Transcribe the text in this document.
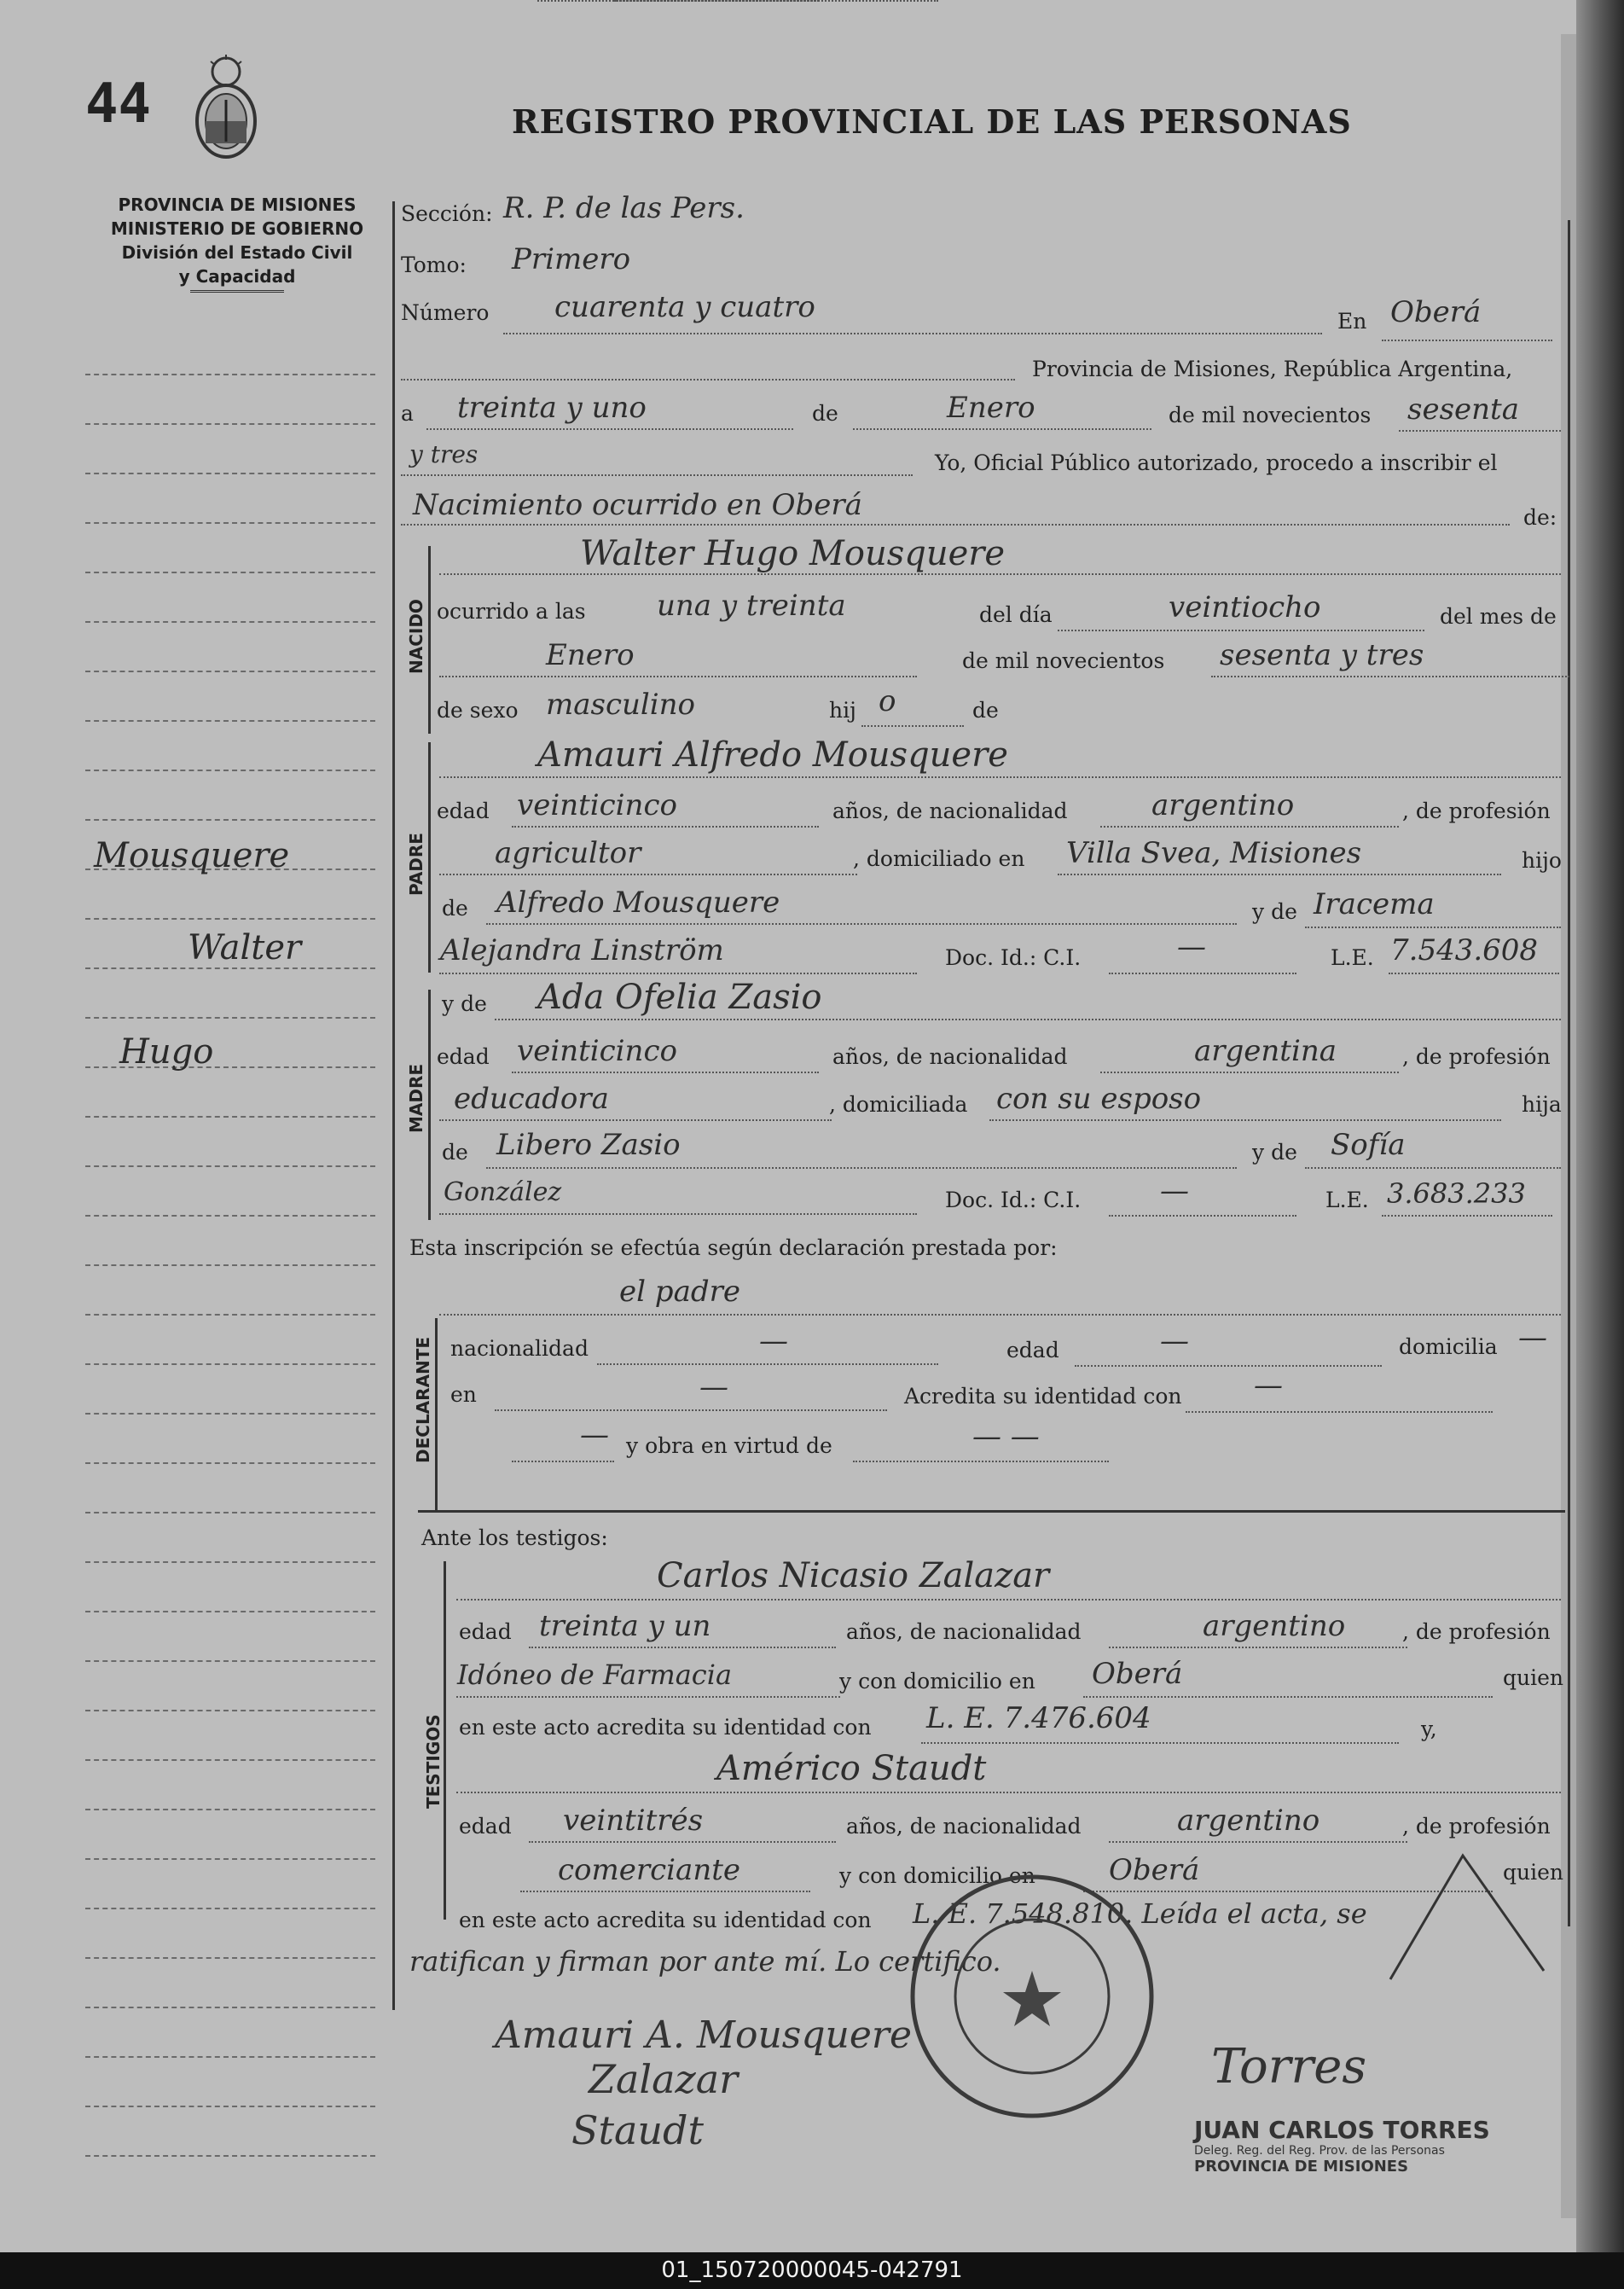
44	REGISTRO PROVINCIAL DE LAS PERSONAS
PROVINCIA DE MISIONES
MINISTERIO DE GOBIERNO
División del Estado Civil
y Capacidad
Mousquere
Walter
Hugo
NACIDO
PADRE
MADRE
DECLARANTE
TESTIGOS
Sección: R. P. de las Pers.
Tomo: Primero
Número cuarenta y cuatro	En Oberá
Provincia de Misiones, República Argentina,
a treinta y uno	de	Enero	de mil novecientos sesenta
y tres	Yo, Oficial Público autorizado, procedo a inscribir el
Nacimiento ocurrido en Oberá	de:
Walter Hugo Mousquere
ocurrido a las una y treinta	del día	veintiocho	del mes de
Enero	de mil novecientos sesenta y tres
de sexo masculino	hij o	de
Amauri Alfredo Mousquere
edad veinticinco	años, de nacionalidad	argentino	, de profesión
agricultor	, domiciliado en Villa Svea, Misiones	hijo
de Alfredo Mousquere	y de Iracema
Alejandra Linström	Doc. Id.: C.I.	—	L.E. 7.543.608
y de Ada Ofelia Zasio
edad veinticinco	años, de nacionalidad	argentina	, de profesión
educadora	, domiciliada con su esposo	hija
de Libero Zasio	y de Sofía
González	Doc. Id.: C.I.	—	L.E. 3.683.233
Esta inscripción se efectúa según declaración prestada por:
el padre
nacionalidad	—	edad	—	domicilia —
en	—	Acredita su identidad con —
— y obra en virtud de	— —
Ante los testigos:
Carlos Nicasio Zalazar
edad treinta y un	años, de nacionalidad	argentino	, de profesión
Idóneo de Farmacia	y con domicilio en Oberá	quien
en este acto acredita su identidad con L. E. 7.476.604	y,
Américo Staudt
edad veintitrés	años, de nacionalidad	argentino	, de profesión
comerciante	y con domicilio en	Oberá	quien
en este acto acredita su identidad con L. E. 7.548.810. Leída el acta, se
ratifican y firman por ante mí. Lo certifico.
Amauri A. Mousquere
Zalazar
Staudt
Torres
JUAN CARLOS TORRES
Deleg. Reg. del Reg. Prov. de las Personas
PROVINCIA DE MISIONES
01_150720000045-042791
